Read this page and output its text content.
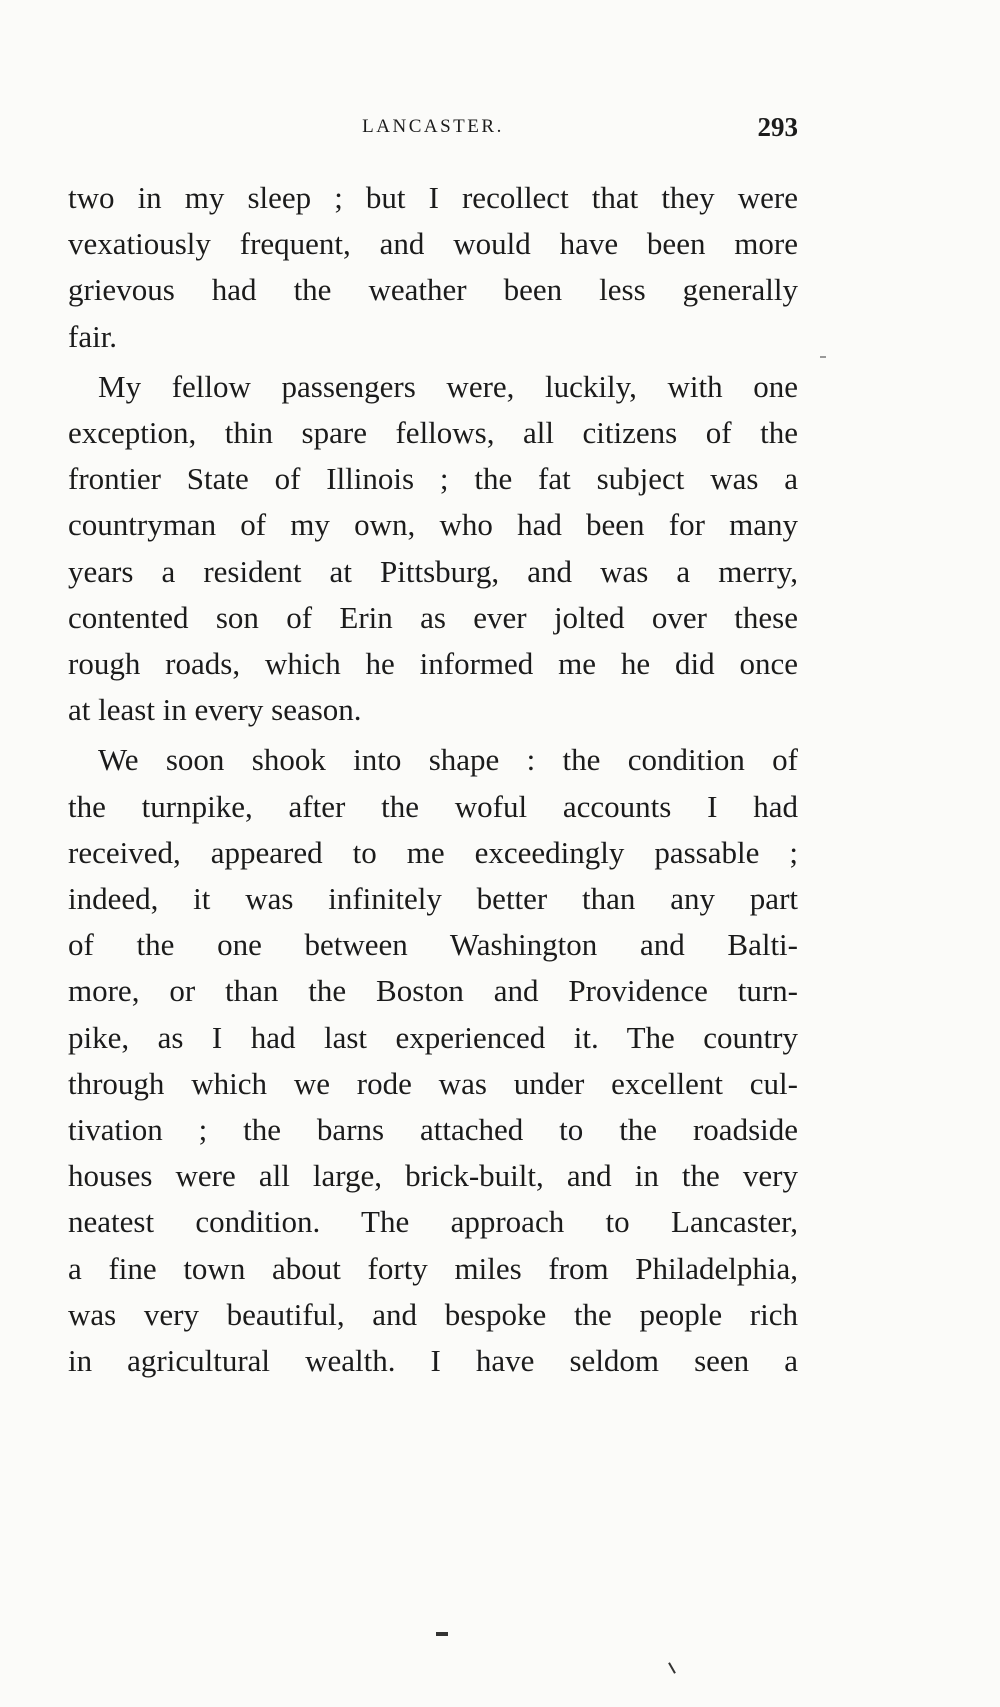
LANCASTER.	293

two in my sleep ; but I recollect that they were
vexatiously frequent, and would have been more
grievous had the weather been less generally
fair.

My fellow passengers were, luckily, with one
exception, thin spare fellows, all citizens of the
frontier State of Illinois ; the fat subject was a
countryman of my own, who had been for many
years a resident at Pittsburg, and was a merry,
contented son of Erin as ever jolted over these
rough roads, which he informed me he did once
at least in every season.

We soon shook into shape : the condition of
the turnpike, after the woful accounts I had
received, appeared to me exceedingly passable ;
indeed, it was infinitely better than any part
of the one between Washington and Balti-
more, or than the Boston and Providence turn-
pike, as I had last experienced it. The country
through which we rode was under excellent cul-
tivation ; the barns attached to the roadside
houses were all large, brick-built, and in the very
neatest condition. The approach to Lancaster,
a fine town about forty miles from Philadelphia,
was very beautiful, and bespoke the people rich
in agricultural wealth. I have seldom seen a
